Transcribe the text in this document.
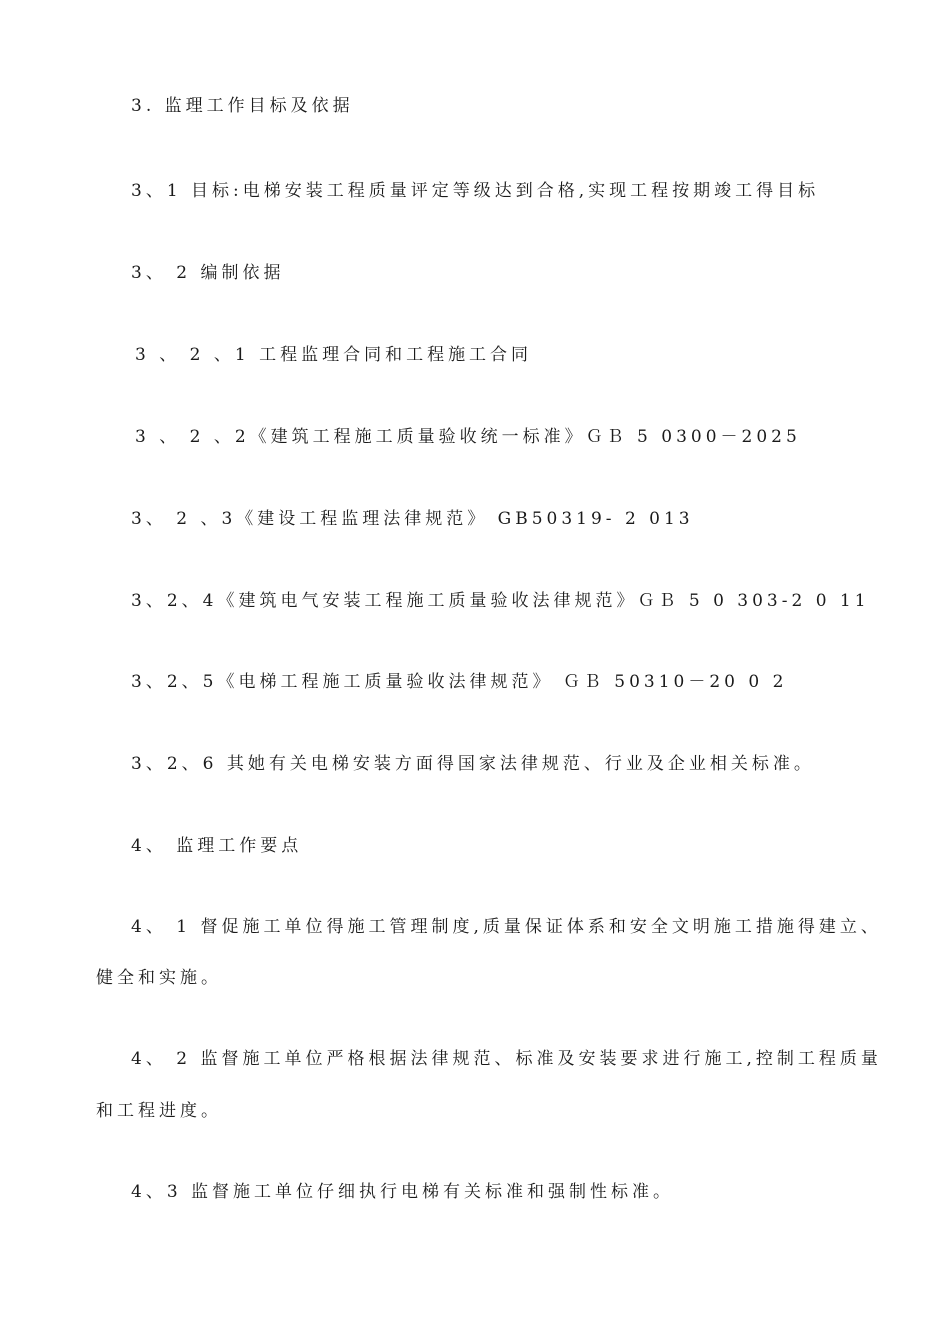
3. 监理工作目标及依据
3、1 目标:电梯安装工程质量评定等级达到合格,实现工程按期竣工得目标
3、 2 编制依据
3 、 2 、1 工程监理合同和工程施工合同
3 、 2 、2《建筑工程施工质量验收统一标准》ＧＢ 5 0300－2025
3、 2 、3《建设工程监理法律规范》 GB50319- 2 013
3、2、4《建筑电气安装工程施工质量验收法律规范》ＧＢ 5 0 303-2 0 11
3、2、5《电梯工程施工质量验收法律规范》 ＧＢ 50310－20 0 2
3、2、6 其她有关电梯安装方面得国家法律规范、行业及企业相关标准。
4、 监理工作要点
4、 1 督促施工单位得施工管理制度,质量保证体系和安全文明施工措施得建立、
健全和实施。
4、 2 监督施工单位严格根据法律规范、标准及安装要求进行施工,控制工程质量
和工程进度。
4、3 监督施工单位仔细执行电梯有关标准和强制性标准。
